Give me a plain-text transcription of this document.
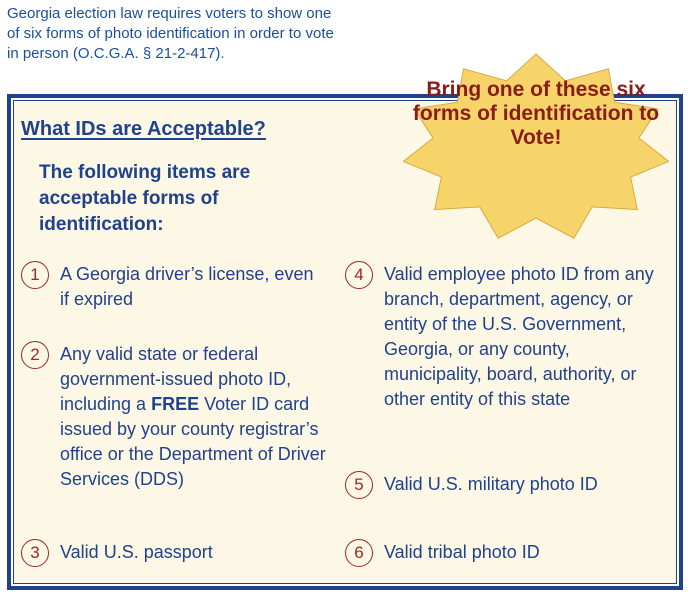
Georgia election law requires voters to show one of six forms of photo identification in order to vote in person (O.C.G.A. § 21-2-417).

What IDs are Acceptable?

The following items are acceptable forms of identification:

Bring one of these six forms of identification to Vote!

1	A Georgia driver’s license, even if expired

2	Any valid state or federal government-issued photo ID, including a FREE Voter ID card issued by your county registrar’s office or the Department of Driver Services (DDS)

3	Valid U.S. passport

4	Valid employee photo ID from any branch, department, agency, or entity of the U.S. Government, Georgia, or any county, municipality, board, authority, or other entity of this state

5	Valid U.S. military photo ID

6	Valid tribal photo ID
